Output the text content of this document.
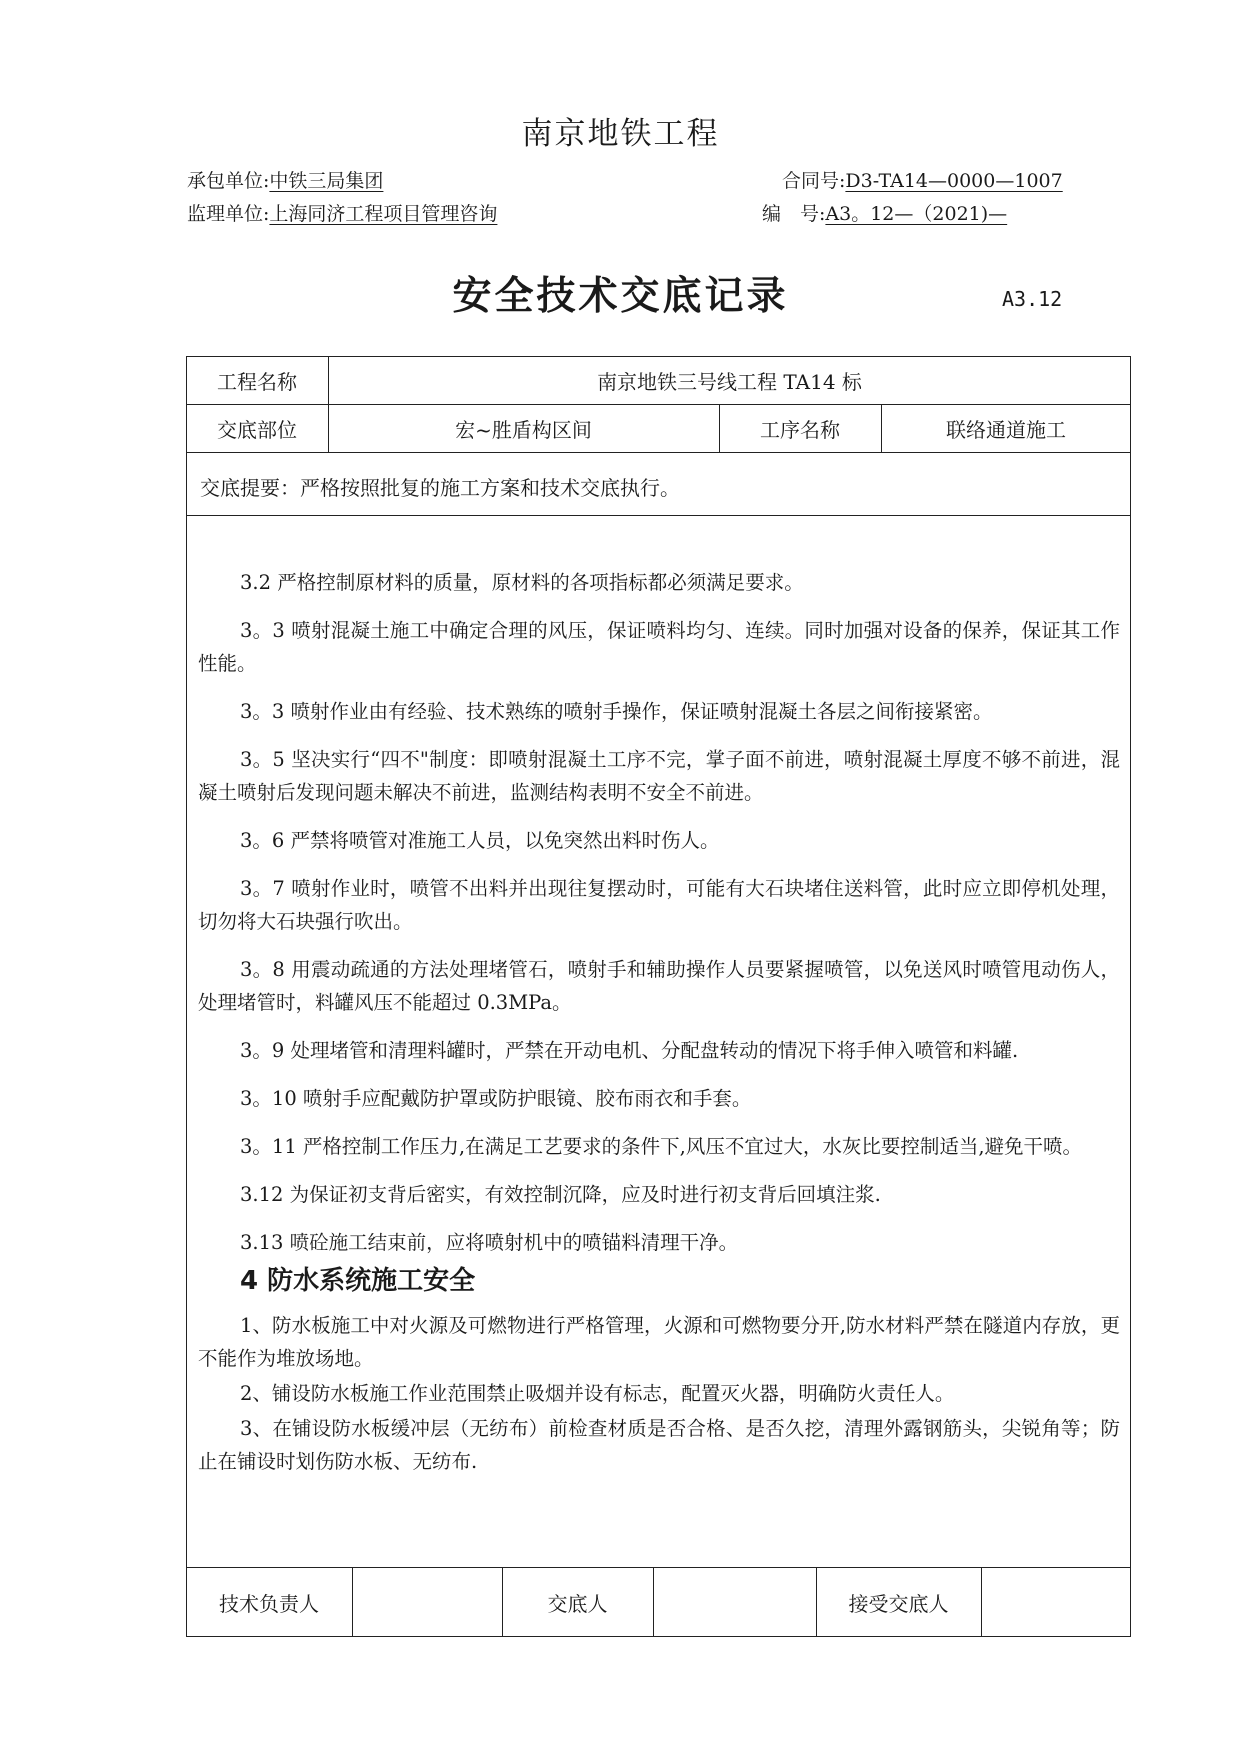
南京地铁工程
承包单位:中铁三局集团	合同号:D3-TA14—0000—1007
监理单位:上海同济工程项目管理咨询	编　号:A3。12—（2021)—
安全技术交底记录	A3.12
工程名称	南京地铁三号线工程 TA14 标
交底部位	宏~胜盾构区间	工序名称	联络通道施工
交底提要：严格按照批复的施工方案和技术交底执行。

3.2 严格控制原材料的质量，原材料的各项指标都必须满足要求。

3。3 喷射混凝土施工中确定合理的风压，保证喷料均匀、连续。同时加强对设备的保养，保证其工作性能。

3。3 喷射作业由有经验、技术熟练的喷射手操作，保证喷射混凝土各层之间衔接紧密。

3。5 坚决实行“四不"制度：即喷射混凝土工序不完，掌子面不前进，喷射混凝土厚度不够不前进，混凝土喷射后发现问题未解决不前进，监测结构表明不安全不前进。

3。6 严禁将喷管对准施工人员，以免突然出料时伤人。

3。7 喷射作业时，喷管不出料并出现往复摆动时，可能有大石块堵住送料管，此时应立即停机处理，切勿将大石块强行吹出。

3。8 用震动疏通的方法处理堵管石，喷射手和辅助操作人员要紧握喷管，以免送风时喷管甩动伤人，处理堵管时，料罐风压不能超过 0.3MPa。

3。9 处理堵管和清理料罐时，严禁在开动电机、分配盘转动的情况下将手伸入喷管和料罐.

3。10 喷射手应配戴防护罩或防护眼镜、胶布雨衣和手套。

3。11 严格控制工作压力,在满足工艺要求的条件下,风压不宜过大，水灰比要控制适当,避免干喷。

3.12 为保证初支背后密实，有效控制沉降，应及时进行初支背后回填注浆.

3.13 喷砼施工结束前，应将喷射机中的喷锚料清理干净。

4 防水系统施工安全

1、防水板施工中对火源及可燃物进行严格管理，火源和可燃物要分开,防水材料严禁在隧道内存放，更不能作为堆放场地。

2、铺设防水板施工作业范围禁止吸烟并设有标志，配置灭火器，明确防火责任人。

3、在铺设防水板缓冲层（无纺布）前检查材质是否合格、是否久挖，清理外露钢筋头，尖锐角等；防止在铺设时划伤防水板、无纺布.

技术负责人	交底人	接受交底人
